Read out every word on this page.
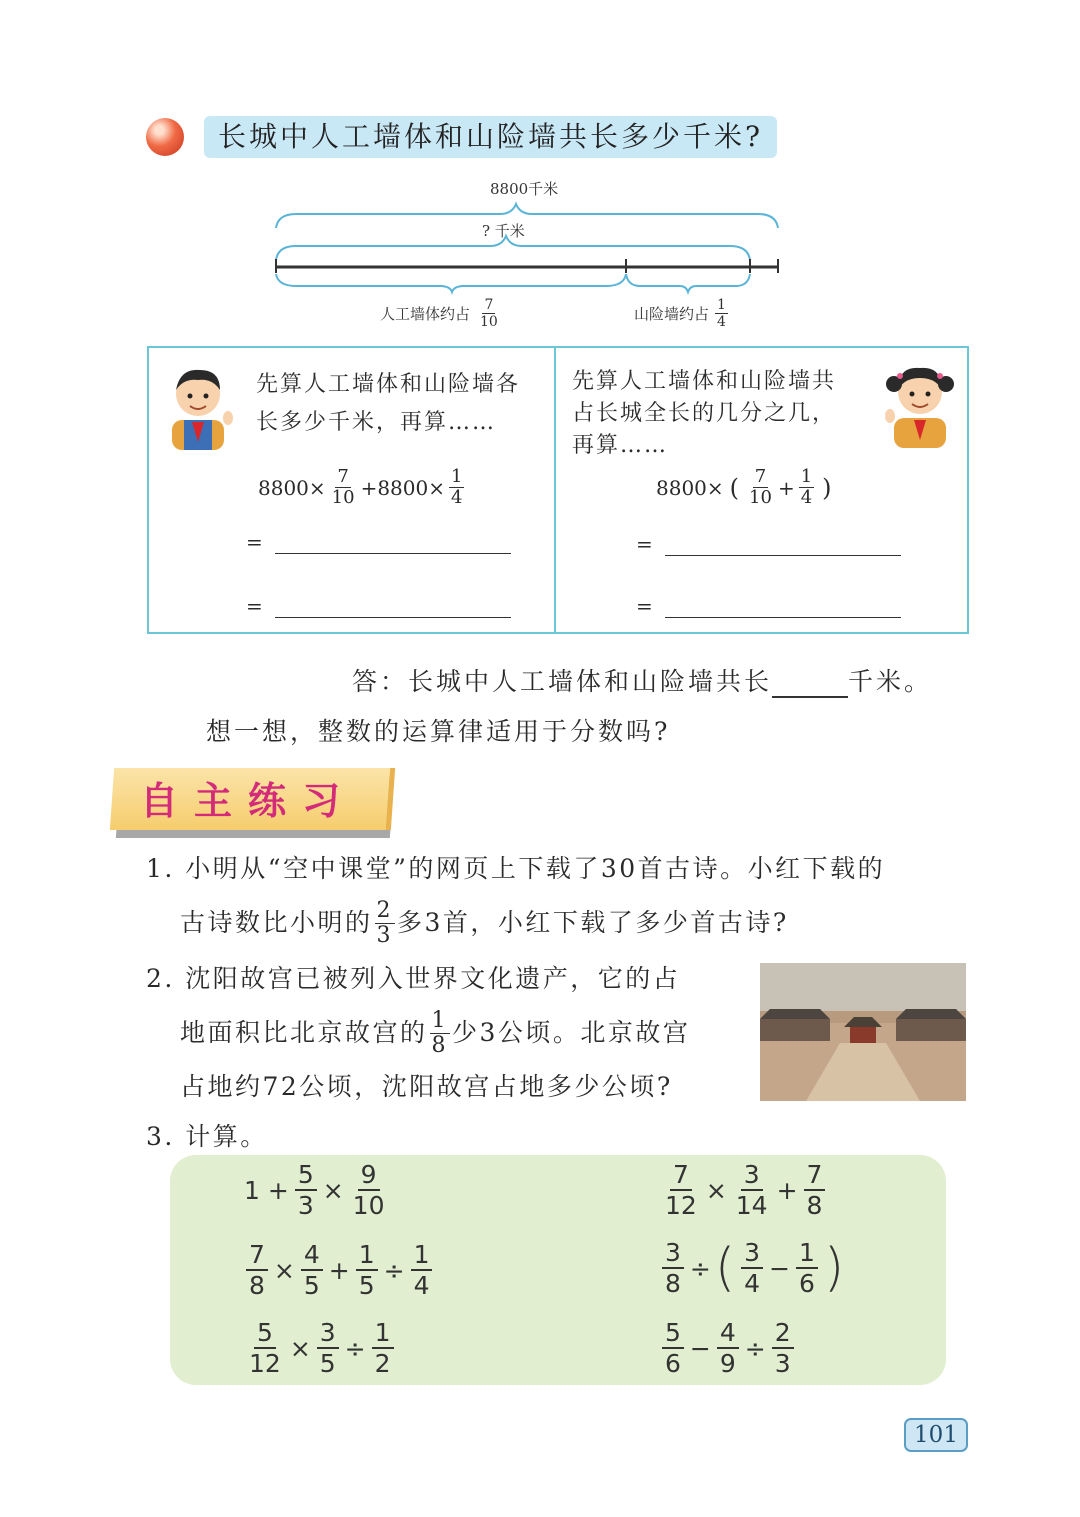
长城中人工墙体和山险墙共长多少千米?
8800千米
? 千米
人工墙体约占 $\frac{7}{10}$	山险墙约占 $\frac{1}{4}$
先算人工墙体和山险墙各
长多少千米，再算……
$8800\times \frac{7}{10} +8800\times \frac{1}{4}$
=
=
先算人工墙体和山险墙共
占长城全长的几分之几，
再算……
8800× ( $\frac{7}{10} + \frac{1}{4}$ )
=
=
答：长城中人工墙体和山险墙共长	千米。
想一想，整数的运算律适用于分数吗?
自主练习
1. 小明从“空中课堂”的网页上下载了30首古诗。小红下载的
古诗数比小明的 $\frac{2}{3}$ 多3首，小红下载了多少首古诗?
2. 沈阳故宫已被列入世界文化遗产，它的占
地面积比北京故宫的 $\frac{1}{8}$ 少3公顷。北京故宫
占地约72公顷，沈阳故宫占地多少公顷?
3. 计算。
$1 + \frac{5}{3} \times \frac{9}{10}$	$\frac{7}{12} \times \frac{3}{14} + \frac{7}{8}$
$\frac{7}{8} \times \frac{4}{5} + \frac{1}{5} \div \frac{1}{4}$	$\frac{3}{8}$ ÷ ( $\frac{3}{4} - \frac{1}{6}$ )
$\frac{5}{12} \times \frac{3}{5} \div \frac{1}{2}$	$\frac{5}{6} - \frac{4}{9} \div \frac{2}{3}$
101
